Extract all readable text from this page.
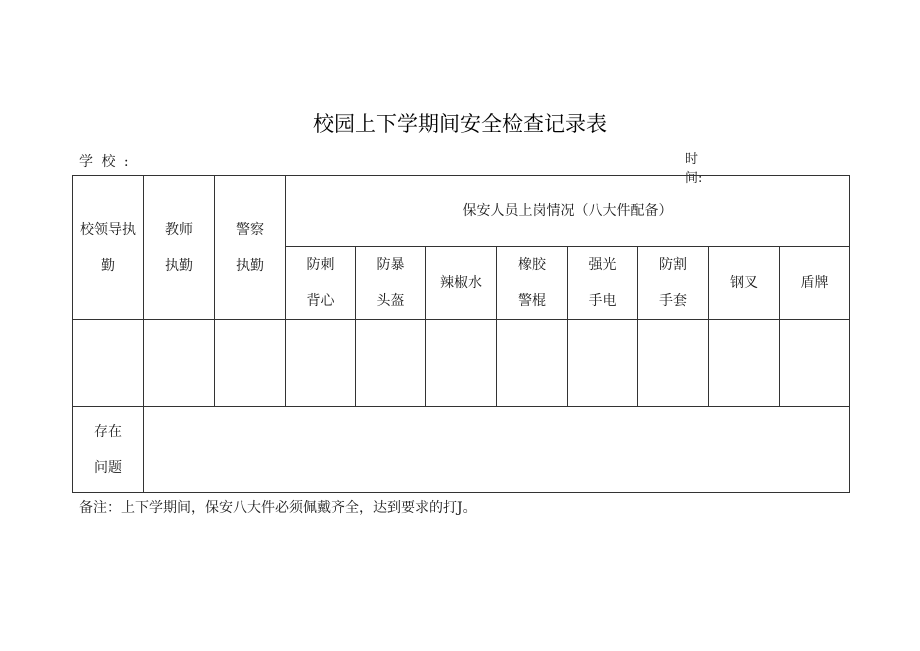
校园上下学期间安全检查记录表
学 校 :	时间:
校领导执勤	教师执勤	警察执勤	保安人员上岗情况（八大件配备）							
			防刺背心	防暴头盔	辣椒水	橡胶警棍	强光手电	防割手套	钢叉	盾牌

存在问题										
备注：上下学期间，保安八大件必须佩戴齐全，达到要求的打J。
